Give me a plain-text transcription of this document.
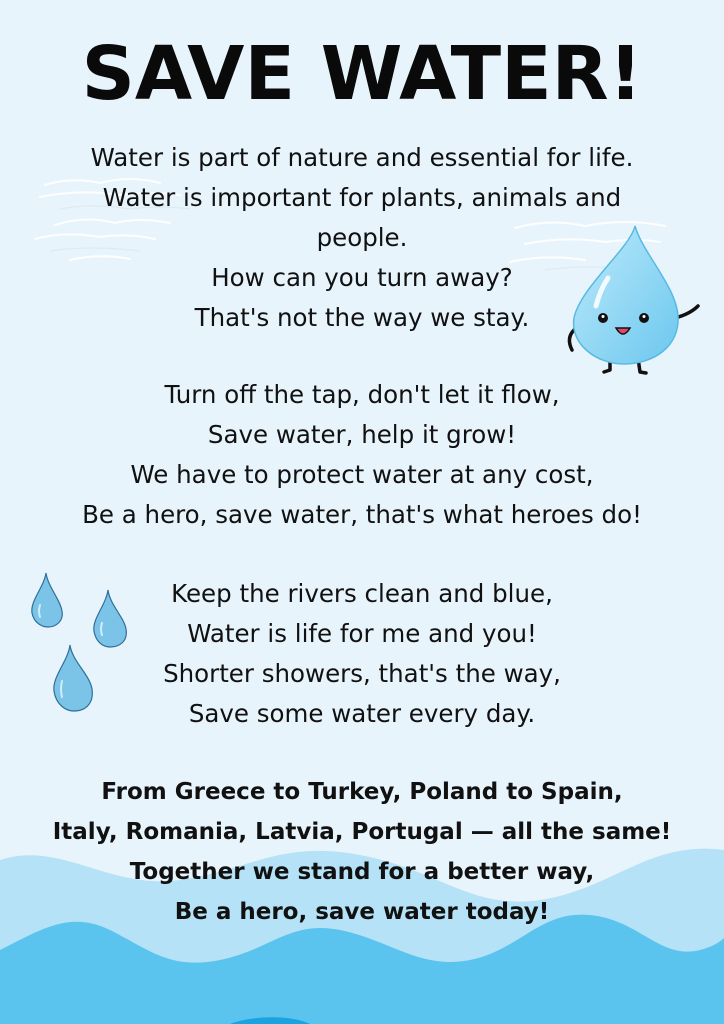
SAVE WATER!
Water is part of nature and essential for life.
Water is important for plants, animals and
people.
How can you turn away?
That's not the way we stay.
Turn off the tap, don't let it flow,
Save water, help it grow!
We have to protect water at any cost,
Be a hero, save water, that's what heroes do!
Keep the rivers clean and blue,
Water is life for me and you!
Shorter showers, that's the way,
Save some water every day.
From Greece to Turkey, Poland to Spain,
Italy, Romania, Latvia, Portugal — all the same!
Together we stand for a better way,
Be a hero, save water today!
